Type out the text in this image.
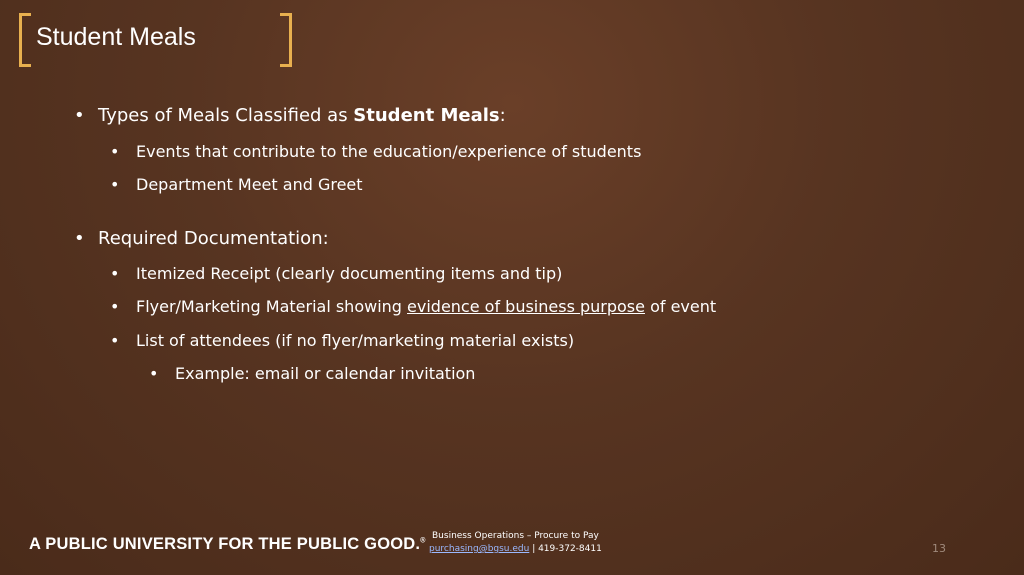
Student Meals
• Types of Meals Classified as Student Meals:
• Events that contribute to the education/experience of students
• Department Meet and Greet
• Required Documentation:
• Itemized Receipt (clearly documenting items and tip)
• Flyer/Marketing Material showing evidence of business purpose of event
• List of attendees (if no flyer/marketing material exists)
• Example: email or calendar invitation
A PUBLIC UNIVERSITY FOR THE PUBLIC GOOD.® Business Operations – Procure to Pay
purchasing@bgsu.edu | 419-372-8411	13
